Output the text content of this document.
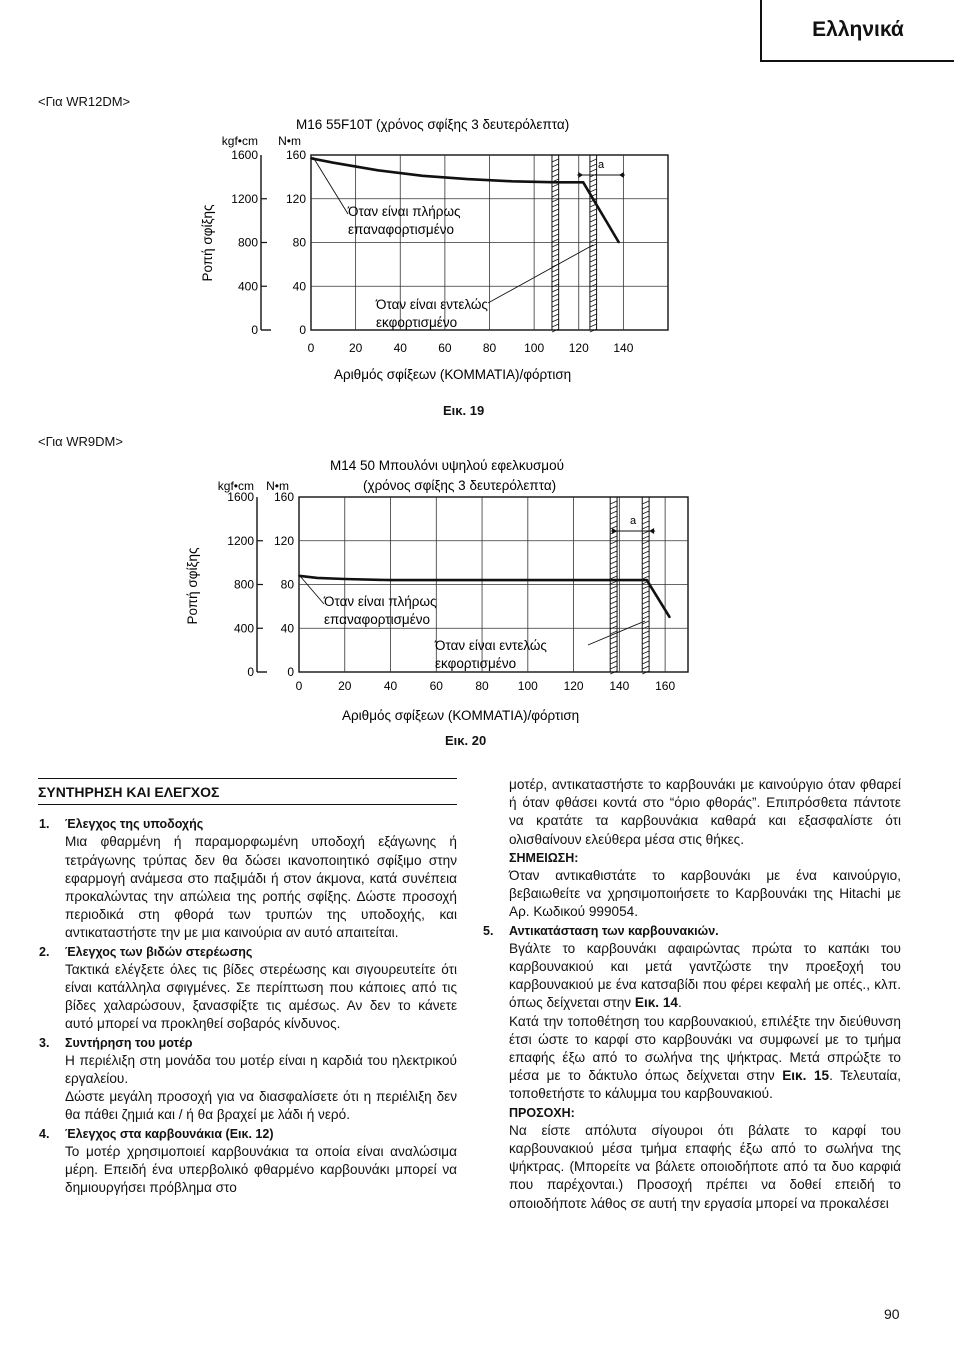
Ελληνικά
<Για WR12DM>
M16 55F10T (χρόνος σφίξης 3 δευτερόλεπτα)
kgf•cm N•m
1600
1200
800
400
0
160
120
80
40
0
0	20	40	60	80 100 120 140
Ροπή σφίξης
Αριθμός σφίξεων (ΚΟΜΜΑΤΙΑ)/φόρτιση
a
Όταν είναι πλήρως
επαναφορτισμένο
Όταν είναι εντελώς
εκφορτισμένο
Εικ. 19
<Για WR9DM>
M14 50 Μπουλόνι υψηλού εφελκυσμού
(χρόνος σφίξης 3 δευτερόλεπτα)
kgf•cm N•m
1600
1200
800
400
0
160
120
80
40
0
0	20	40	60	80 100 120 140 160
Ροπή σφίξης
Αριθμός σφίξεων (ΚΟΜΜΑΤΙΑ)/φόρτιση
a
Όταν είναι πλήρως
επαναφορτισμένο
Όταν είναι εντελώς
εκφορτισμένο
Εικ. 20
ΣΥΝΤΗΡΗΣΗ ΚΑΙ ΕΛΕΓΧΟΣ
1. Έλεγχος της υποδοχής

Μια φθαρμένη ή παραμορφωμένη υποδοχή εξάγωνης ή τετράγωνης τρύπας δεν θα δώσει ικανοποιητικό σφίξιμο στην εφαρμογή ανάμεσα στο παξιμάδι ή στον άκμονα, κατά συνέπεια προκαλώντας την απώλεια της ροπής σφίξης. Δώστε προσοχή περιοδικά στη φθορά των τρυπών της υποδοχής, και αντικαταστήστε την με μια καινούρια αν αυτό απαιτείται.

2. Έλεγχος των βιδών στερέωσης

Τακτικά ελέγξετε όλες τις βίδες στερέωσης και σιγουρευτείτε ότι είναι κατάλληλα σφιγμένες. Σε περίπτωση που κάποιες από τις βίδες χαλαρώσουν, ξανασφίξτε τις αμέσως. Αν δεν το κάνετε αυτό μπορεί να προκληθεί σοβαρός κίνδυνος.

3. Συντήρηση του μοτέρ

Η περιέλιξη στη μονάδα του μοτέρ είναι η καρδιά του ηλεκτρικού εργαλείου.

Δώστε μεγάλη προσοχή για να διασφαλίσετε ότι η περιέλιξη δεν θα πάθει ζημιά και / ή θα βραχεί με λάδι ή νερό.

4. Έλεγχος στα καρβουνάκια (Εικ. 12)

Το μοτέρ χρησιμοποιεί καρβουνάκια τα οποία είναι αναλώσιμα μέρη. Επειδή ένα υπερβολικό φθαρμένο καρβουνάκι μπορεί να δημιουργήσει πρόβλημα στο

μοτέρ, αντικαταστήστε το καρβουνάκι με καινούργιο όταν φθαρεί ή όταν φθάσει κοντά στο “όριο φθοράς”. Επιπρόσθετα πάντοτε να κρατάτε τα καρβουνάκια καθαρά και εξασφαλίστε ότι ολισθαίνουν ελεύθερα μέσα στις θήκες.

ΣΗΜΕΙΩΣΗ:

Όταν αντικαθιστάτε το καρβουνάκι με ένα καινούργιο, βεβαιωθείτε να χρησιμοποιήσετε το Καρβουνάκι της Hitachi με Αρ. Κωδικού 999054.

5. Αντικατάσταση των καρβουνακιών.

Βγάλτε το καρβουνάκι αφαιρώντας πρώτα το καπάκι του καρβουνακιού και μετά γαντζώστε την προεξοχή του καρβουνακιού με ένα κατσαβίδι που φέρει κεφαλή με οπές., κλπ. όπως δείχνεται στην Εικ. 14.

Κατά την τοποθέτηση του καρβουνακιού, επιλέξτε την διεύθυνση έτσι ώστε το καρφί στο καρβουνάκι να συμφωνεί με το τμήμα επαφής έξω από το σωλήνα της ψήκτρας. Μετά σπρώξτε το μέσα με το δάκτυλο όπως δείχνεται στην Εικ. 15. Τελευταία, τοποθετήστε το κάλυμμα του καρβουνακιού.

ΠΡΟΣΟΧΗ:

Να είστε απόλυτα σίγουροι ότι βάλατε το καρφί του καρβουνακιού μέσα τμήμα επαφής έξω από το σωλήνα της ψήκτρας. (Μπορείτε να βάλετε οποιοδήποτε από τα δυο καρφιά που παρέχονται.) Προσοχή πρέπει να δοθεί επειδή το οποιοδήποτε λάθος σε αυτή την εργασία μπορεί να προκαλέσει

90
